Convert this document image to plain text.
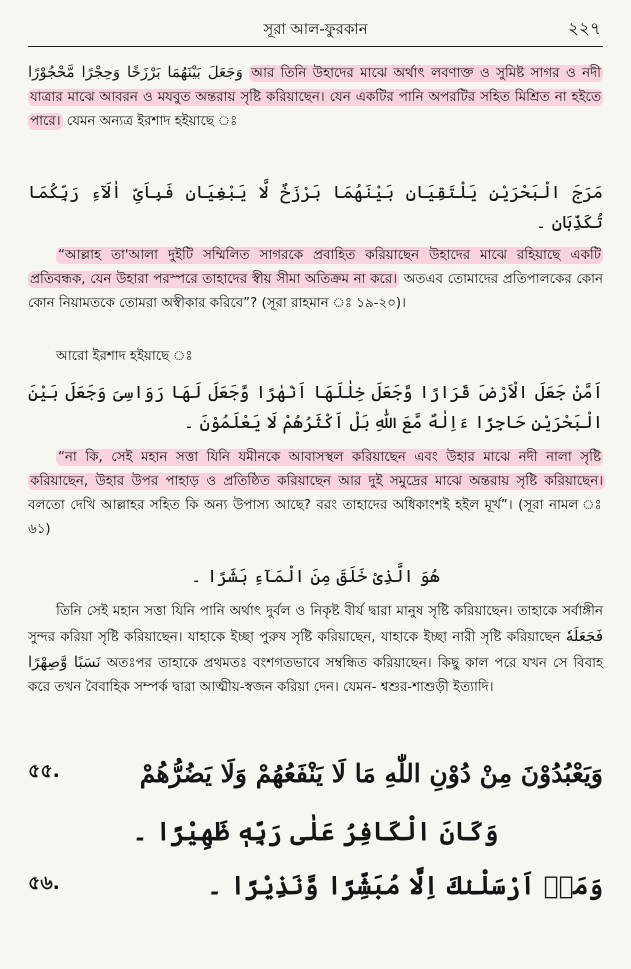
সূরা আল-ফুরকান	২২৭
وَجَعَلَ بَيْنَهُمَا بَرْزَخًا وَحِجْرًا مَّحْجُوْرًا আর তিনি উহাদের মাঝে অর্থাৎ লবণাক্ত ও সুমিষ্ট সাগর ও নদী যাত্রার মাঝে আবরন ও মযবুত অন্তরায় সৃষ্টি করিয়াছেন। যেন একটির পানি অপরটির সহিত মিশ্রিত না হইতে পারে। যেমন অন্যত্র ইরশাদ হইয়াছে ঃ
مَرَجَ الْبَحْرَيْنِ يَلْتَقِيَانِ بَيْنَهُمَا بَرْزَخٌ لَّا يَبْغِيَانِ فَبِاَىِّ اٰلَآءِ رَبِّكُمَا تُكَذِّبَانِ ۔
“আল্লাহ তা'আলা দুইটি সম্মিলিত সাগরকে প্রবাহিত করিয়াছেন উহাদের মাঝে রহিয়াছে একটি প্রতিবন্ধক, যেন উহারা পরস্পরে তাহাদের স্বীয় সীমা অতিক্রম না করে। অতএব তোমাদের প্রতিপালকের কোন কোন নিয়ামতকে তোমরা অস্বীকার করিবে”? (সূরা রাহমান ঃ ১৯-২০)।
আরো ইরশাদ হইয়াছে ঃ
اَمَّنْ جَعَلَ الْاَرْضَ قَرَارًا وَّجَعَلَ خِلٰلَهَا اَنْهٰرًا وَّجَعَلَ لَهَا رَوَاسِىَ وَجَعَلَ بَيْنَ الْبَحْرَيْنِ حَاجِزًا ءَاِلٰهٌ مَّعَ اللّٰهِ بَلْ اَكْثَرُهُمْ لَا يَعْلَمُوْنَ ۔
“না কি, সেই মহান সত্তা যিনি যমীনকে আবাসস্থল করিয়াছেন এবং উহার মাঝে নদী নালা সৃষ্টি করিয়াছেন, উহার উপর পাহাড় ও প্রতিষ্ঠিত করিয়াছেন আর দুই সমুদ্রের মাঝে অন্তরায় সৃষ্টি করিয়াছেন। বলতো দেখি আল্লাহর সহিত কি অন্য উপাস্য আছে? বরং তাহাদের অধিকাংশই হইল মূর্খ”। (সূরা নামল ঃ ৬১)
هُوَ الَّذِىْ خَلَقَ مِنَ الْمَآءِ بَشَرًا ۔
তিনি সেই মহান সত্তা যিনি পানি অর্থাৎ দুর্বল ও নিকৃষ্ট বীর্য দ্বারা মানুষ সৃষ্টি করিয়াছেন। তাহাকে সর্বাঙ্গীন সুন্দর করিয়া সৃষ্টি করিয়াছেন। যাহাকে ইচ্ছা পুরুষ সৃষ্টি করিয়াছেন, যাহাকে ইচ্ছা নারী সৃষ্টি করিয়াছেন فَجَعَلَهٗ نَسَبًا وَّصِهْرًا অতঃপর তাহাকে প্রথমতঃ বংশগতভাবে সম্বন্ধিত করিয়াছেন। কিছু কাল পরে যখন সে বিবাহ করে তখন বৈবাহিক সম্পর্ক দ্বারা আত্মীয়-স্বজন করিয়া দেন। যেমন- শ্বশুর-শাশুড়ী ইত্যাদি।
৫৫.	وَيَعْبُدُوْنَ مِنْ دُوْنِ اللّٰهِ مَا لَا يَنْفَعُهُمْ وَلَا يَضُرُّهُمْ
وَكَانَ الْكَافِرُ عَلٰى رَبِّهٖ ظَهِيْرًا ۔
৫৬.	وَمَاۤ اَرْسَلْنٰكَ اِلَّا مُبَشِّرًا وَّنَذِيْرًا ۔
